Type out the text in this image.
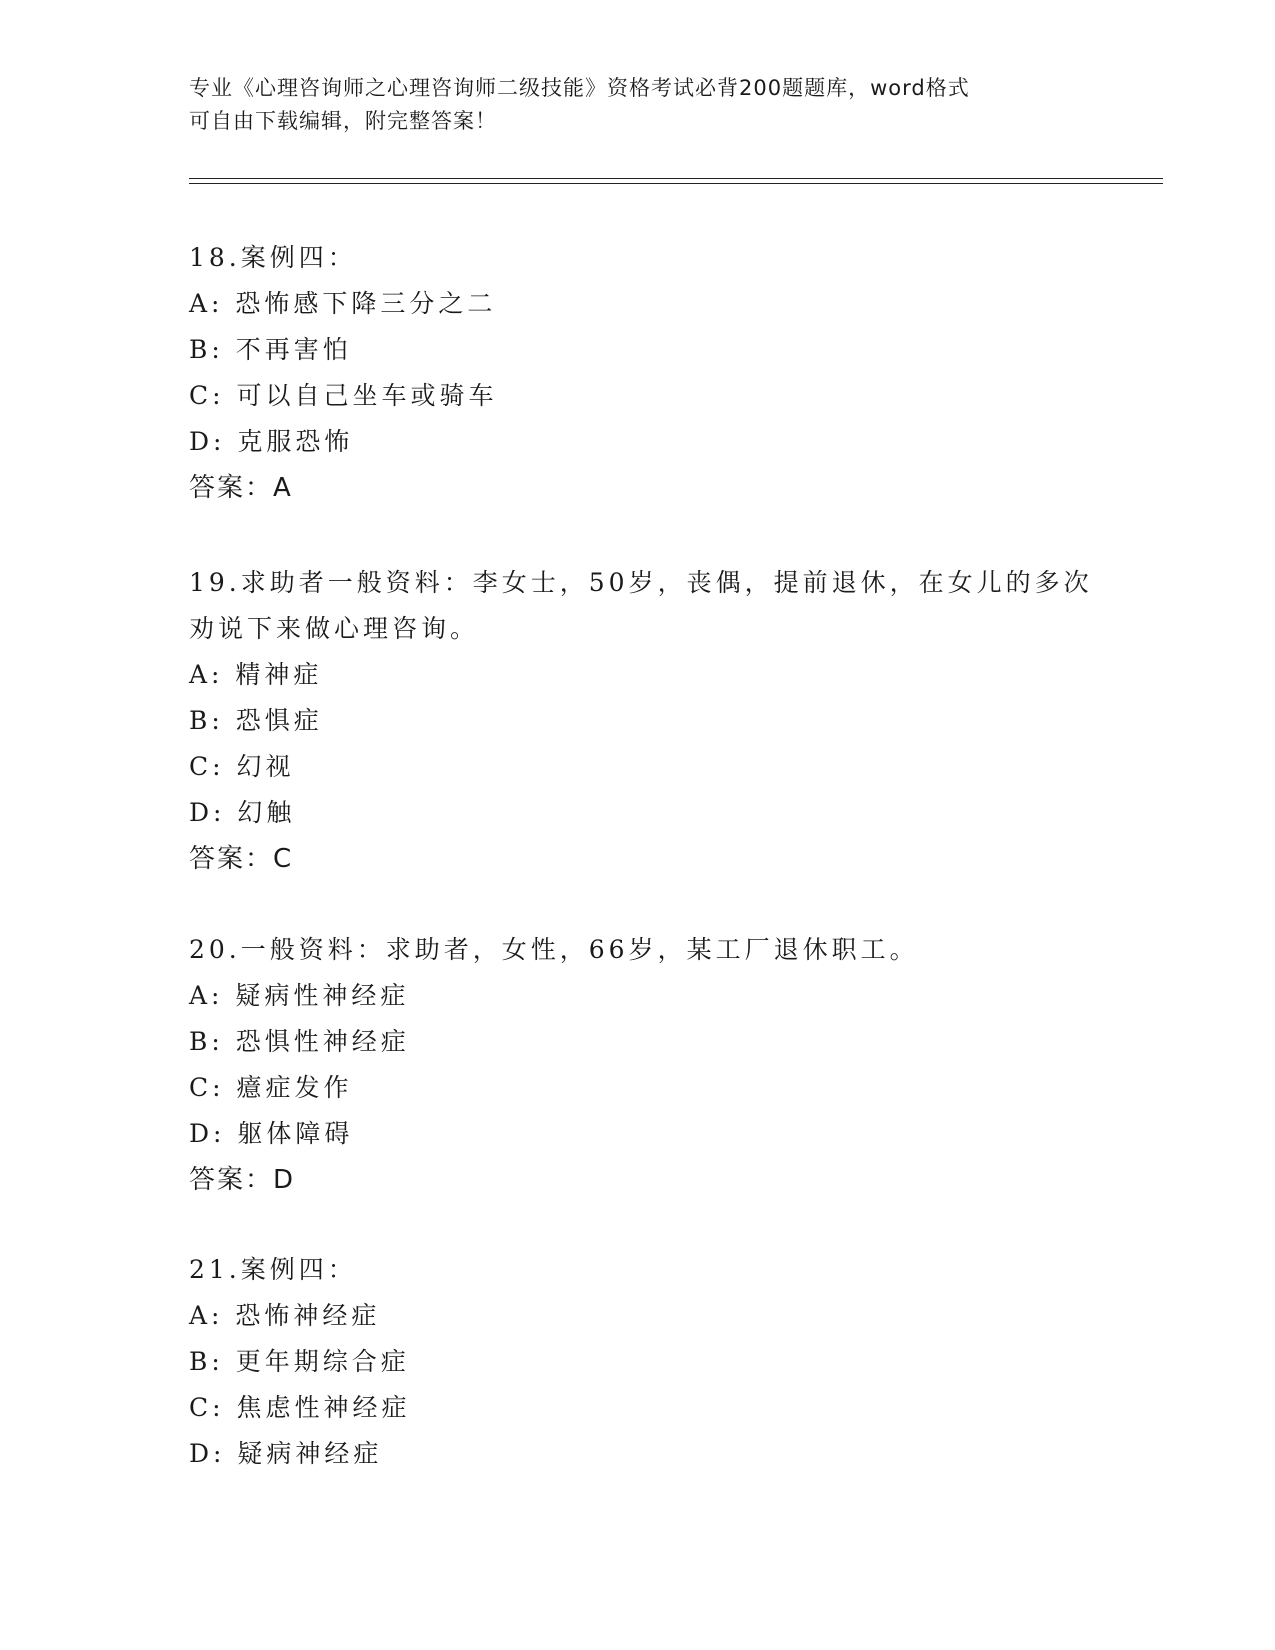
专业《心理咨询师之心理咨询师二级技能》资格考试必背200题题库，word格式
可自由下载编辑，附完整答案！
18.案例四：
A: 恐怖感下降三分之二
B: 不再害怕
C: 可以自己坐车或骑车
D: 克服恐怖
答案：A
19.求助者一般资料：李女士，50岁，丧偶，提前退休，在女儿的多次
劝说下来做心理咨询。
A: 精神症
B: 恐惧症
C: 幻视
D: 幻触
答案：C
20.一般资料：求助者，女性，66岁，某工厂退休职工。
A: 疑病性神经症
B: 恐惧性神经症
C: 癔症发作
D: 躯体障碍
答案：D
21.案例四：
A: 恐怖神经症
B: 更年期综合症
C: 焦虑性神经症
D: 疑病神经症
